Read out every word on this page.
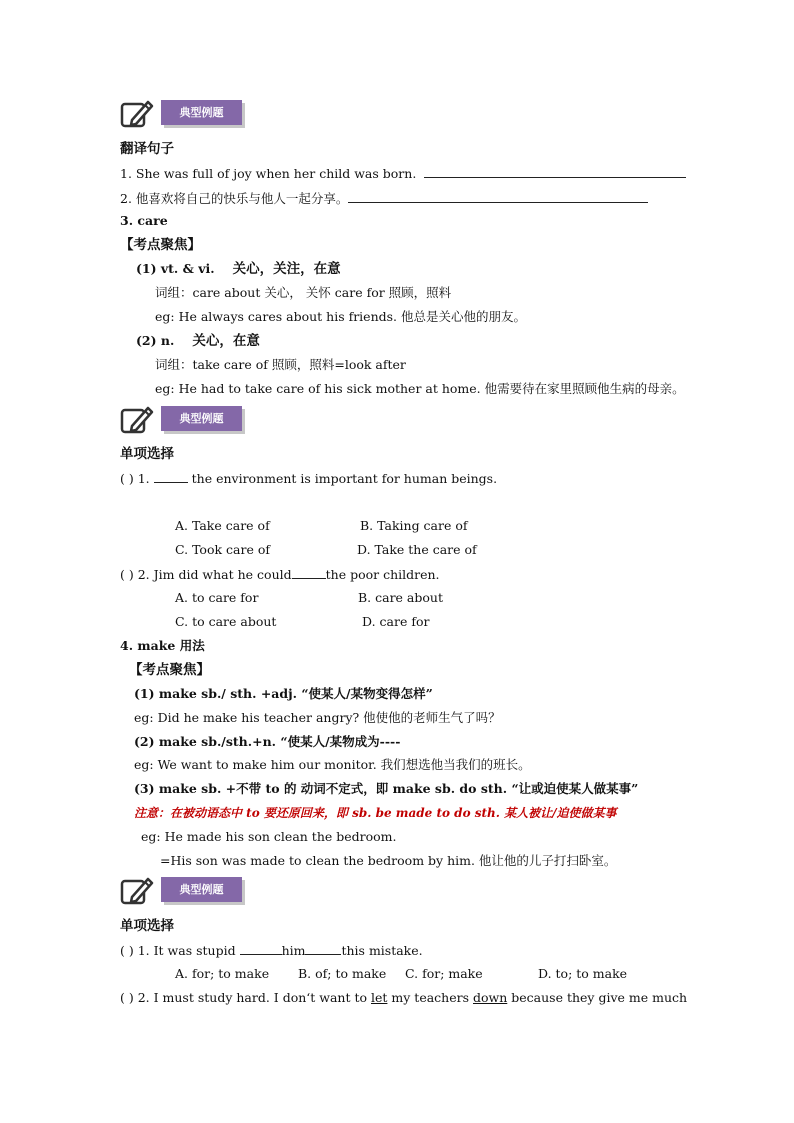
典型例题
翻译句子
1. She was full of joy when her child was born.
2. 他喜欢将自己的快乐与他人一起分享。
3. care
【考点聚焦】
(1) vt. & vi. 关心，关注，在意
词组：care about 关心， 关怀 care for 照顾，照料
eg: He always cares about his friends. 他总是关心他的朋友。
(2) n. 关心，在意
词组：take care of 照顾，照料=look after
eg: He had to take care of his sick mother at home. 他需要待在家里照顾他生病的母亲。
典型例题
单项选择
( ) 1.	the environment is important for human beings.
A. Take care of	B. Taking care of
C. Took care of	D. Take the care of
( ) 2. Jim did what he could	the poor children.
A. to care for	B. care about
C. to care about	D. care for
4. make 用法
【考点聚焦】
(1) make sb./ sth. +adj. “使某人/某物变得怎样”
eg: Did he make his teacher angry? 他使他的老师生气了吗？
(2) make sb./sth.+n. “使某人/某物成为----
eg: We want to make him our monitor. 我们想选他当我们的班长。
(3) make sb. +不带 to 的 动词不定式，即 make sb. do sth. “让或迫使某人做某事”
注意：在被动语态中 to 要还原回来，即 sb. be made to do sth. 某人被让/迫使做某事
eg: He made his son clean the bedroom.
=His son was made to clean the bedroom by him. 他让他的儿子打扫卧室。
典型例题
单项选择
( ) 1. It was stupid	him	this mistake.
A. for; to make B. of; to make C. for; make	D. to; to make
( ) 2. I must study hard. I don‘t want to let my teachers down because they give me much
